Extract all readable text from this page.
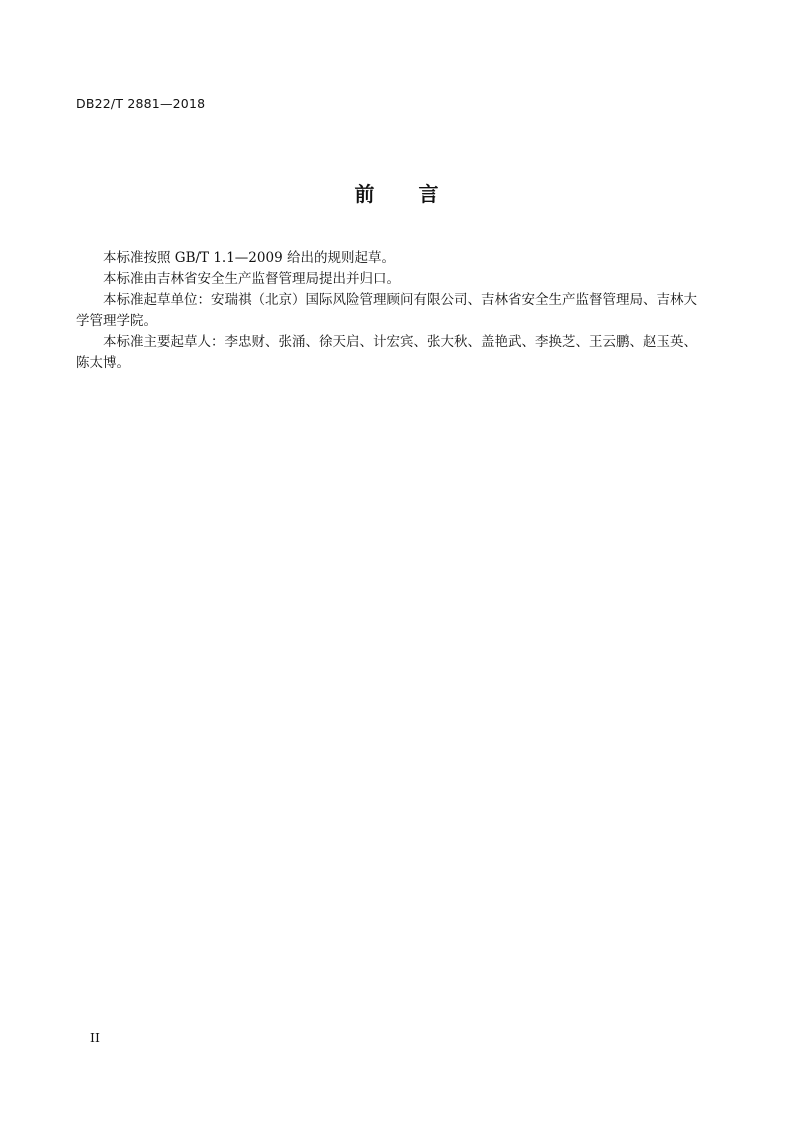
DB22/T 2881—2018
前 言

本标准按照 GB/T 1.1—2009 给出的规则起草。

本标准由吉林省安全生产监督管理局提出并归口。

本标准起草单位：安瑞祺（北京）国际风险管理顾问有限公司、吉林省安全生产监督管理局、吉林大学管理学院。

本标准主要起草人：李忠财、张涌、徐天启、计宏宾、张大秋、盖艳武、李换芝、王云鹏、赵玉英、陈太博。

II
